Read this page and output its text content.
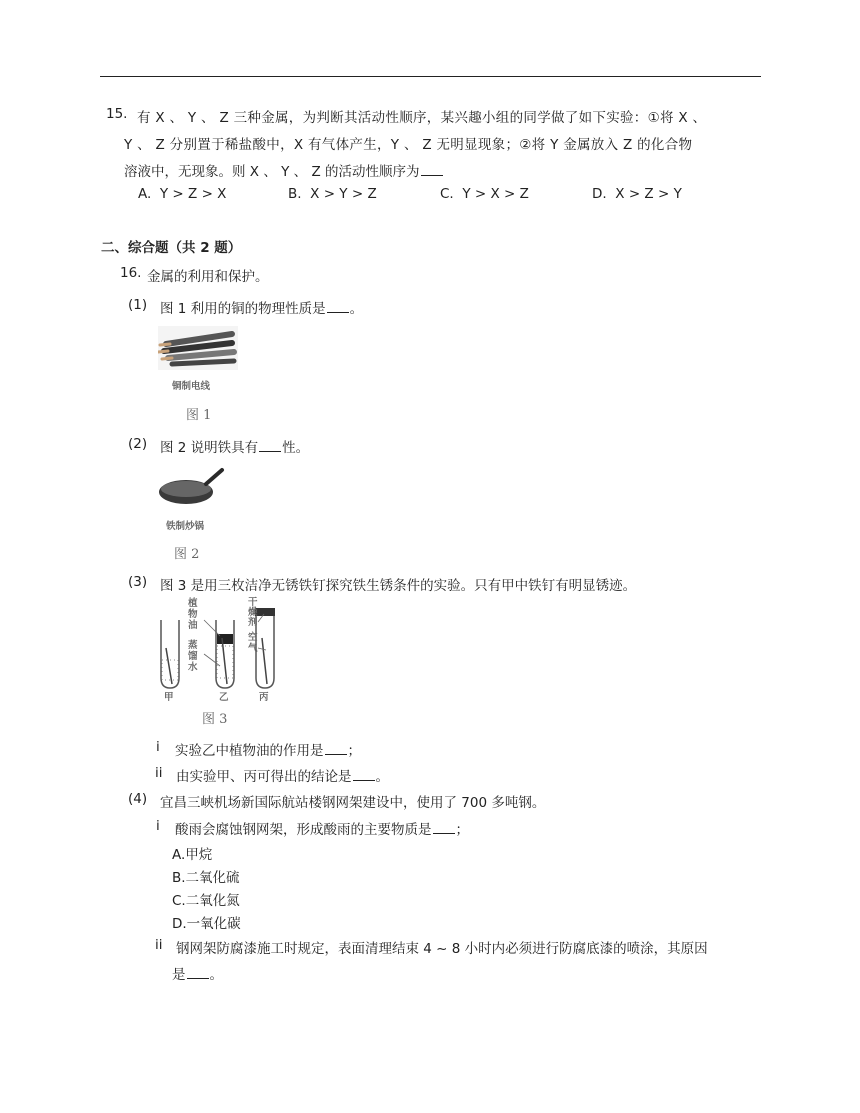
15. 有 X 、 Y 、 Z 三种金属，为判断其活动性顺序，某兴趣小组的同学做了如下实验：①将 X 、
Y 、 Z 分别置于稀盐酸中，X 有气体产生，Y 、 Z 无明显现象；②将 Y 金属放入 Z 的化合物
溶液中，无现象。则 X 、 Y 、 Z 的活动性顺序为
A. Y > Z > X	B. X > Y > Z	C. Y > X > Z	D. X > Z > Y
二、综合题（共 2 题）
16. 金属的利用和保护。
(1) 图 1 利用的铜的物理性质是 。
铜制电线
图 1
(2) 图 2 说明铁具有 性。
铁制炒锅
图 2
(3) 图 3 是用三枚洁净无锈铁钉探究铁生锈条件的实验。只有甲中铁钉有明显锈迹。
植
物
油
蒸
馏
水
干
燥
剂
空
气
甲	乙	丙
图 3
i 实验乙中植物油的作用是 ；
ii 由实验甲、丙可得出的结论是 。
(4) 宜昌三峡机场新国际航站楼钢网架建设中，使用了 700 多吨钢。
i 酸雨会腐蚀钢网架，形成酸雨的主要物质是 ；
A.甲烷
B.二氧化硫
C.二氧化氮
D.一氧化碳
ii 钢网架防腐漆施工时规定，表面清理结束 4 ~ 8 小时内必须进行防腐底漆的喷涂，其原因
是 。
